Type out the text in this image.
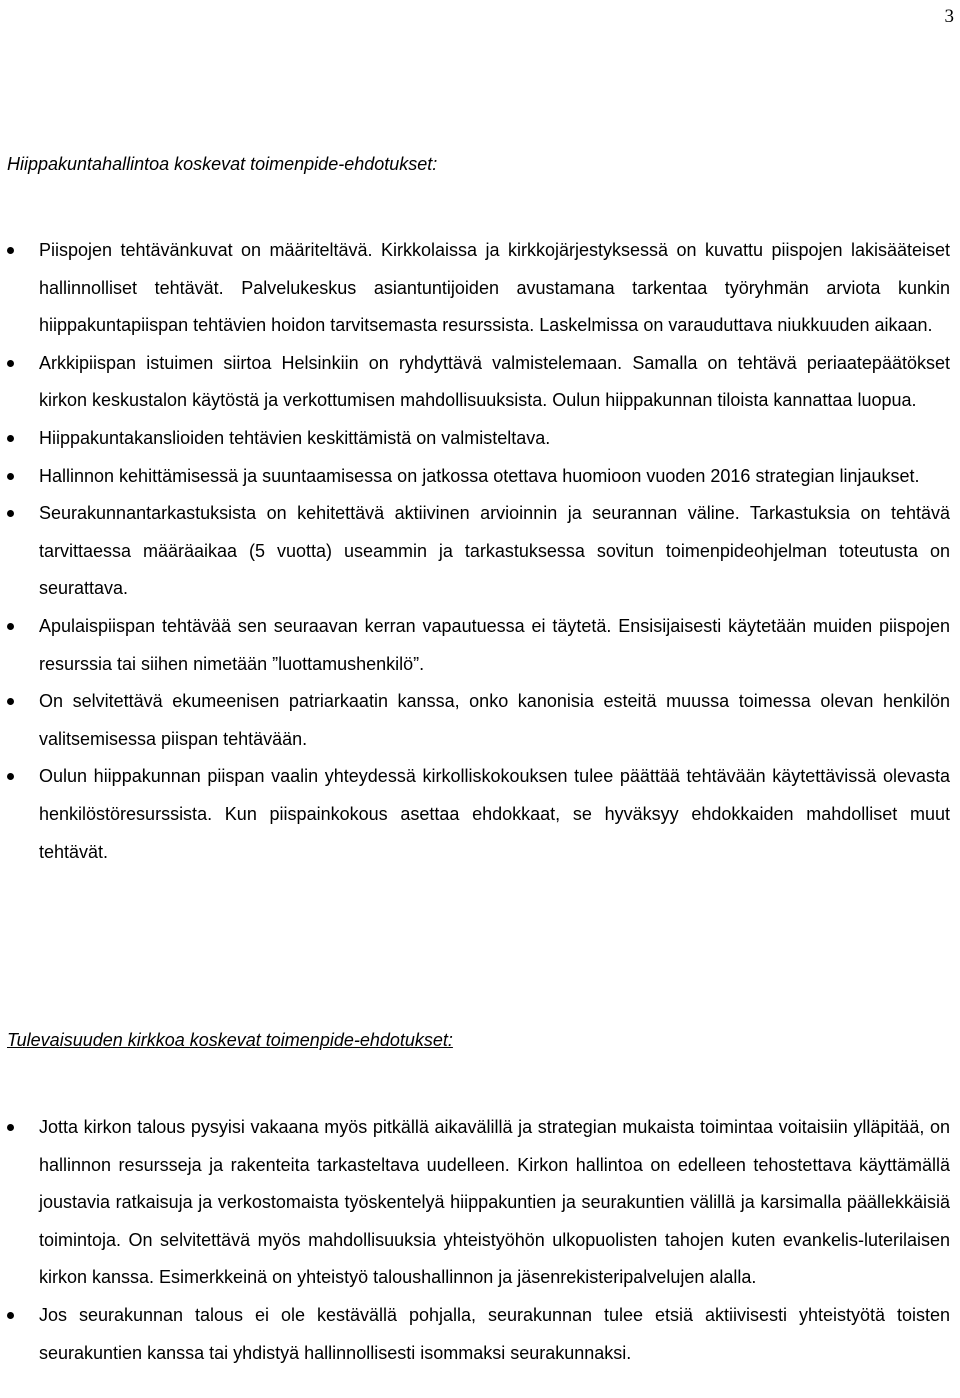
3
Hiippakuntahallintoa koskevat toimenpide-ehdotukset:
Piispojen tehtävänkuvat on määriteltävä. Kirkkolaissa ja kirkkojärjestyksessä on kuvattu piispojen lakisääteiset hallinnolliset tehtävät. Palvelukeskus asiantuntijoiden avustamana tarkentaa työryhmän arviota kunkin hiippakuntapiispan tehtävien hoidon tarvitsemasta resurssista. Laskelmissa on varauduttava niukkuuden aikaan.
Arkkipiispan istuimen siirtoa Helsinkiin on ryhdyttävä valmistelemaan. Samalla on tehtävä periaatepäätökset kirkon keskustalon käytöstä ja verkottumisen mahdollisuuksista. Oulun hiippakunnan tiloista kannattaa luopua.
Hiippakuntakanslioiden tehtävien keskittämistä on valmisteltava.
Hallinnon kehittämisessä ja suuntaamisessa on jatkossa otettava huomioon vuoden 2016 strategian linjaukset.
Seurakunnantarkastuksista on kehitettävä aktiivinen arvioinnin ja seurannan väline. Tarkastuksia on tehtävä tarvittaessa määräaikaa (5 vuotta) useammin ja tarkastuksessa sovitun toimenpideohjelman toteutusta on seurattava.
Apulaispiispan tehtävää sen seuraavan kerran vapautuessa ei täytetä. Ensisijaisesti käytetään muiden piispojen resurssia tai siihen nimetään ”luottamushenkilö”.
On selvitettävä ekumeenisen patriarkaatin kanssa, onko kanonisia esteitä muussa toimessa olevan henkilön valitsemisessa piispan tehtävään.
Oulun hiippakunnan piispan vaalin yhteydessä kirkolliskokouksen tulee päättää tehtävään käytettävissä olevasta henkilöstöresurssista. Kun piispainkokous asettaa ehdokkaat, se hyväksyy ehdokkaiden mahdolliset muut tehtävät.
Tulevaisuuden kirkkoa koskevat toimenpide-ehdotukset:
Jotta kirkon talous pysyisi vakaana myös pitkällä aikavälillä ja strategian mukaista toimintaa voitaisiin ylläpitää, on hallinnon resursseja ja rakenteita tarkasteltava uudelleen. Kirkon hallintoa on edelleen tehostettava käyttämällä joustavia ratkaisuja ja verkostomaista työskentelyä hiippakuntien ja seurakuntien välillä ja karsimalla päällekkäisiä toimintoja. On selvitettävä myös mahdollisuuksia yhteistyöhön ulkopuolisten tahojen kuten evankelis-luterilaisen kirkon kanssa. Esimerkkeinä on yhteistyö taloushallinnon ja jäsenrekisteripalvelujen alalla.
Jos seurakunnan talous ei ole kestävällä pohjalla, seurakunnan tulee etsiä aktiivisesti yhteistyötä toisten seurakuntien kanssa tai yhdistyä hallinnollisesti isommaksi seurakunnaksi.
